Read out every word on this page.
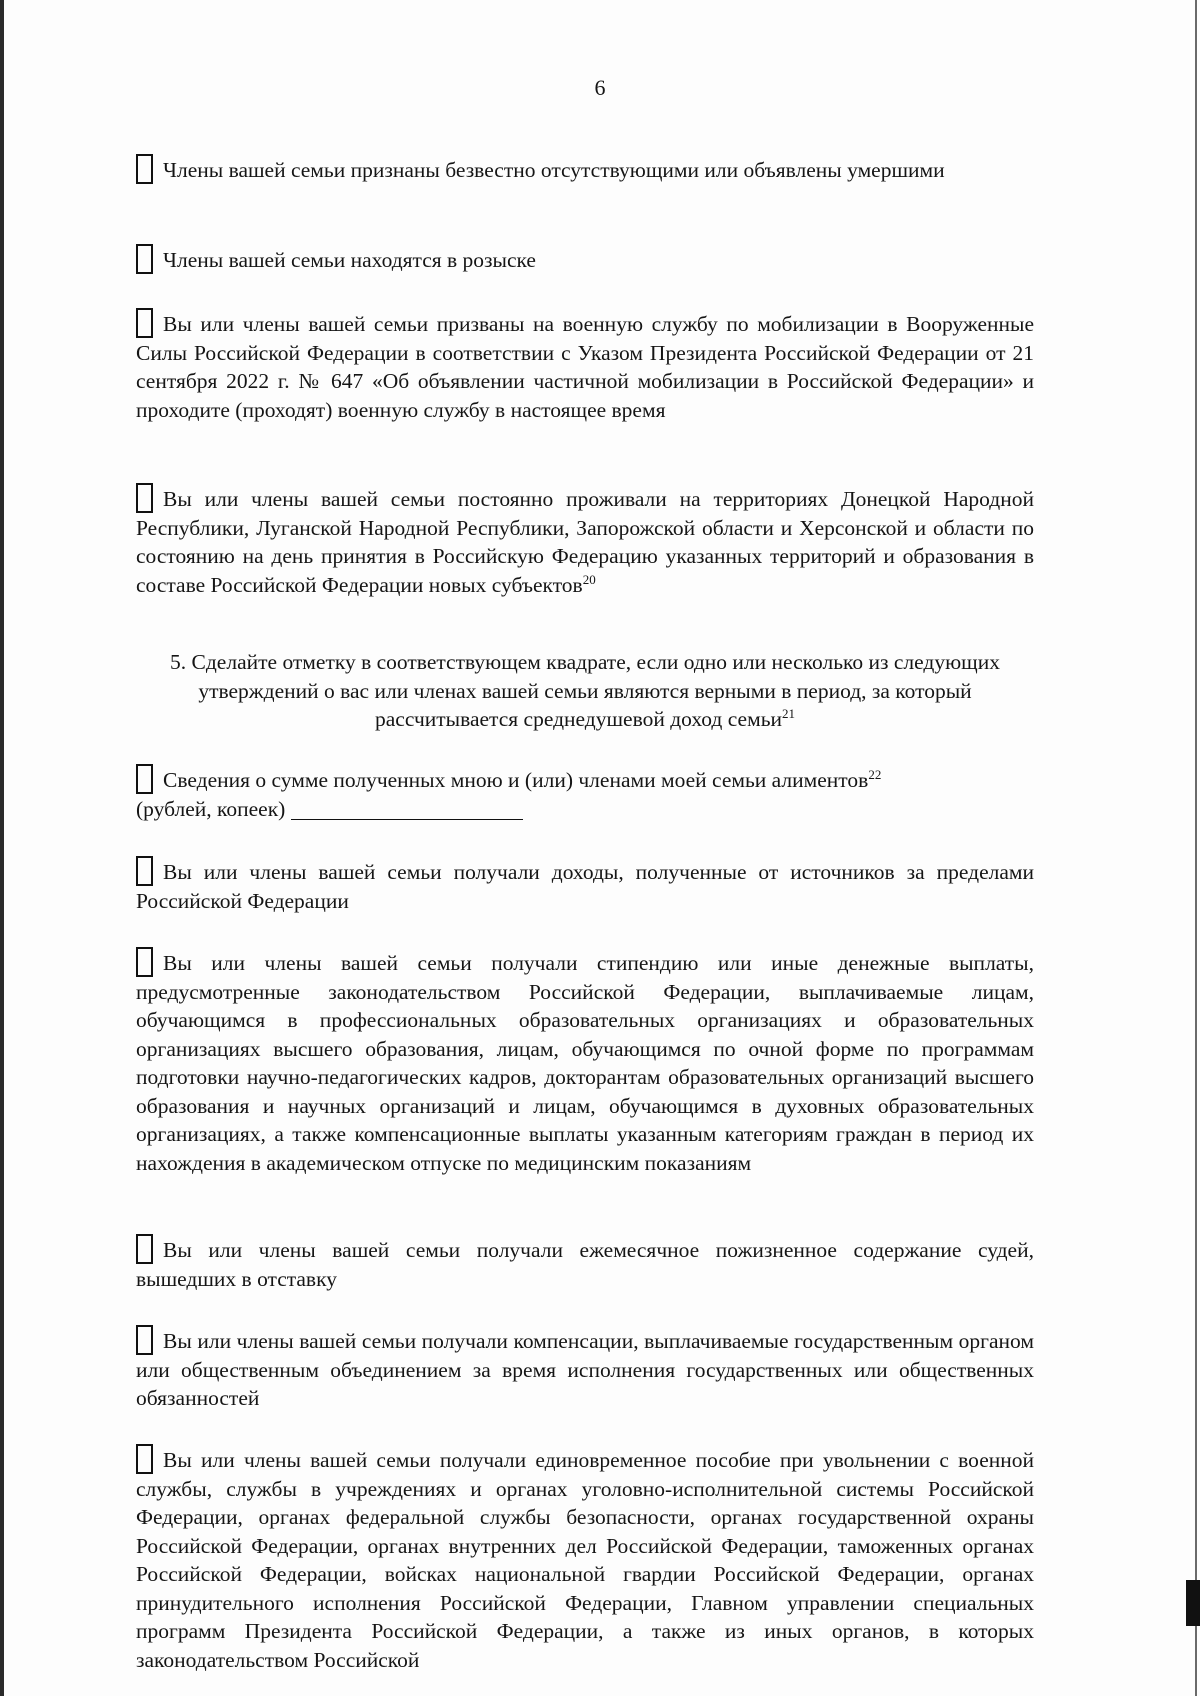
6
Члены вашей семьи признаны безвестно отсутствующими или объявлены умершими
Члены вашей семьи находятся в розыске
Вы или члены вашей семьи призваны на военную службу по мобилизации в Вооруженные Силы Российской Федерации в соответствии с Указом Президента Российской Федерации от 21 сентября 2022 г. № 647 «Об объявлении частичной мобилизации в Российской Федерации» и проходите (проходят) военную службу в настоящее время
Вы или члены вашей семьи постоянно проживали на территориях Донецкой Народной Республики, Луганской Народной Республики, Запорожской области и Херсонской и области по состоянию на день принятия в Российскую Федерацию указанных территорий и образования в составе Российской Федерации новых субъектов$^{20}$
5. Сделайте отметку в соответствующем квадрате, если одно или несколько из следующих утверждений о вас или членах вашей семьи являются верными в период, за который рассчитывается среднедушевой доход семьи$^{21}$
Сведения о сумме полученных мною и (или) членами моей семьи алиментов$^{22}$
(рублей, копеек)
Вы или члены вашей семьи получали доходы, полученные от источников за пределами Российской Федерации
Вы или члены вашей семьи получали стипендию или иные денежные выплаты, предусмотренные законодательством Российской Федерации, выплачиваемые лицам, обучающимся в профессиональных образовательных организациях и образовательных организациях высшего образования, лицам, обучающимся по очной форме по программам подготовки научно-педагогических кадров, докторантам образовательных организаций высшего образования и научных организаций и лицам, обучающимся в духовных образовательных организациях, а также компенсационные выплаты указанным категориям граждан в период их нахождения в академическом отпуске по медицинским показаниям
Вы или члены вашей семьи получали ежемесячное пожизненное содержание судей, вышедших в отставку
Вы или члены вашей семьи получали компенсации, выплачиваемые государственным органом или общественным объединением за время исполнения государственных или общественных обязанностей
Вы или члены вашей семьи получали единовременное пособие при увольнении с военной службы, службы в учреждениях и органах уголовно-исполнительной системы Российской Федерации, органах федеральной службы безопасности, органах государственной охраны Российской Федерации, органах внутренних дел Российской Федерации, таможенных органах Российской Федерации, войсках национальной гвардии Российской Федерации, органах принудительного исполнения Российской Федерации, Главном управлении специальных программ Президента Российской Федерации, а также из иных органов, в которых законодательством Российской
